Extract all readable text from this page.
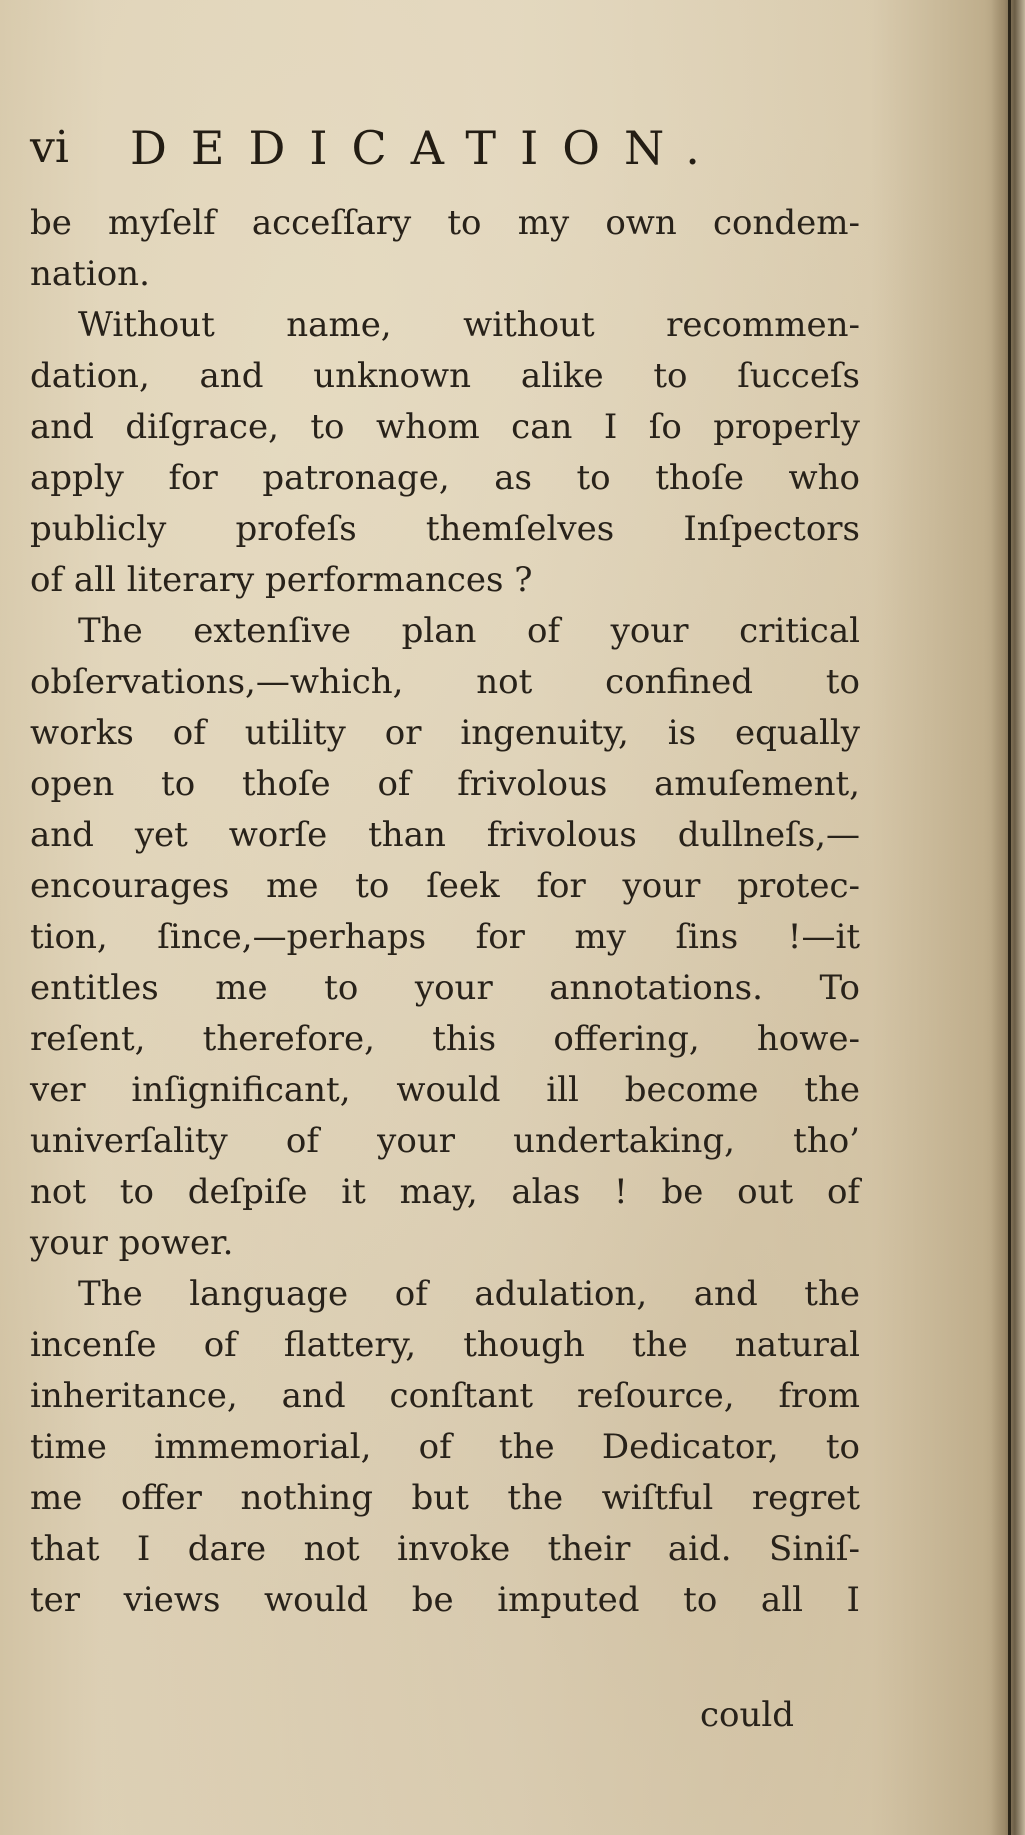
vi DEDICATION.
be myſelf acceſſary to my own condem-
nation.
Without name, without recommen-
dation, and unknown alike to ſucceſs
and diſgrace, to whom can I ſo properly
apply for patronage, as to thoſe who
publicly profeſs themſelves Inſpectors
of all literary performances ?
The extenſive plan of your critical
obſervations,—which, not confined to
works of utility or ingenuity, is equally
open to thoſe of frivolous amuſement,
and yet worſe than frivolous dullneſs,—
encourages me to ſeek for your protec-
tion, ſince,—perhaps for my ſins !—it
entitles me to your annotations. To
reſent, therefore, this offering, howe-
ver inſignificant, would ill become the
univerſality of your undertaking, tho’
not to deſpiſe it may, alas ! be out of
your power.
The language of adulation, and the
incenſe of flattery, though the natural
inheritance, and conſtant reſource, from
time immemorial, of the Dedicator, to
me offer nothing but the wiſtful regret
that I dare not invoke their aid. Siniſ-
ter views would be imputed to all I
could
